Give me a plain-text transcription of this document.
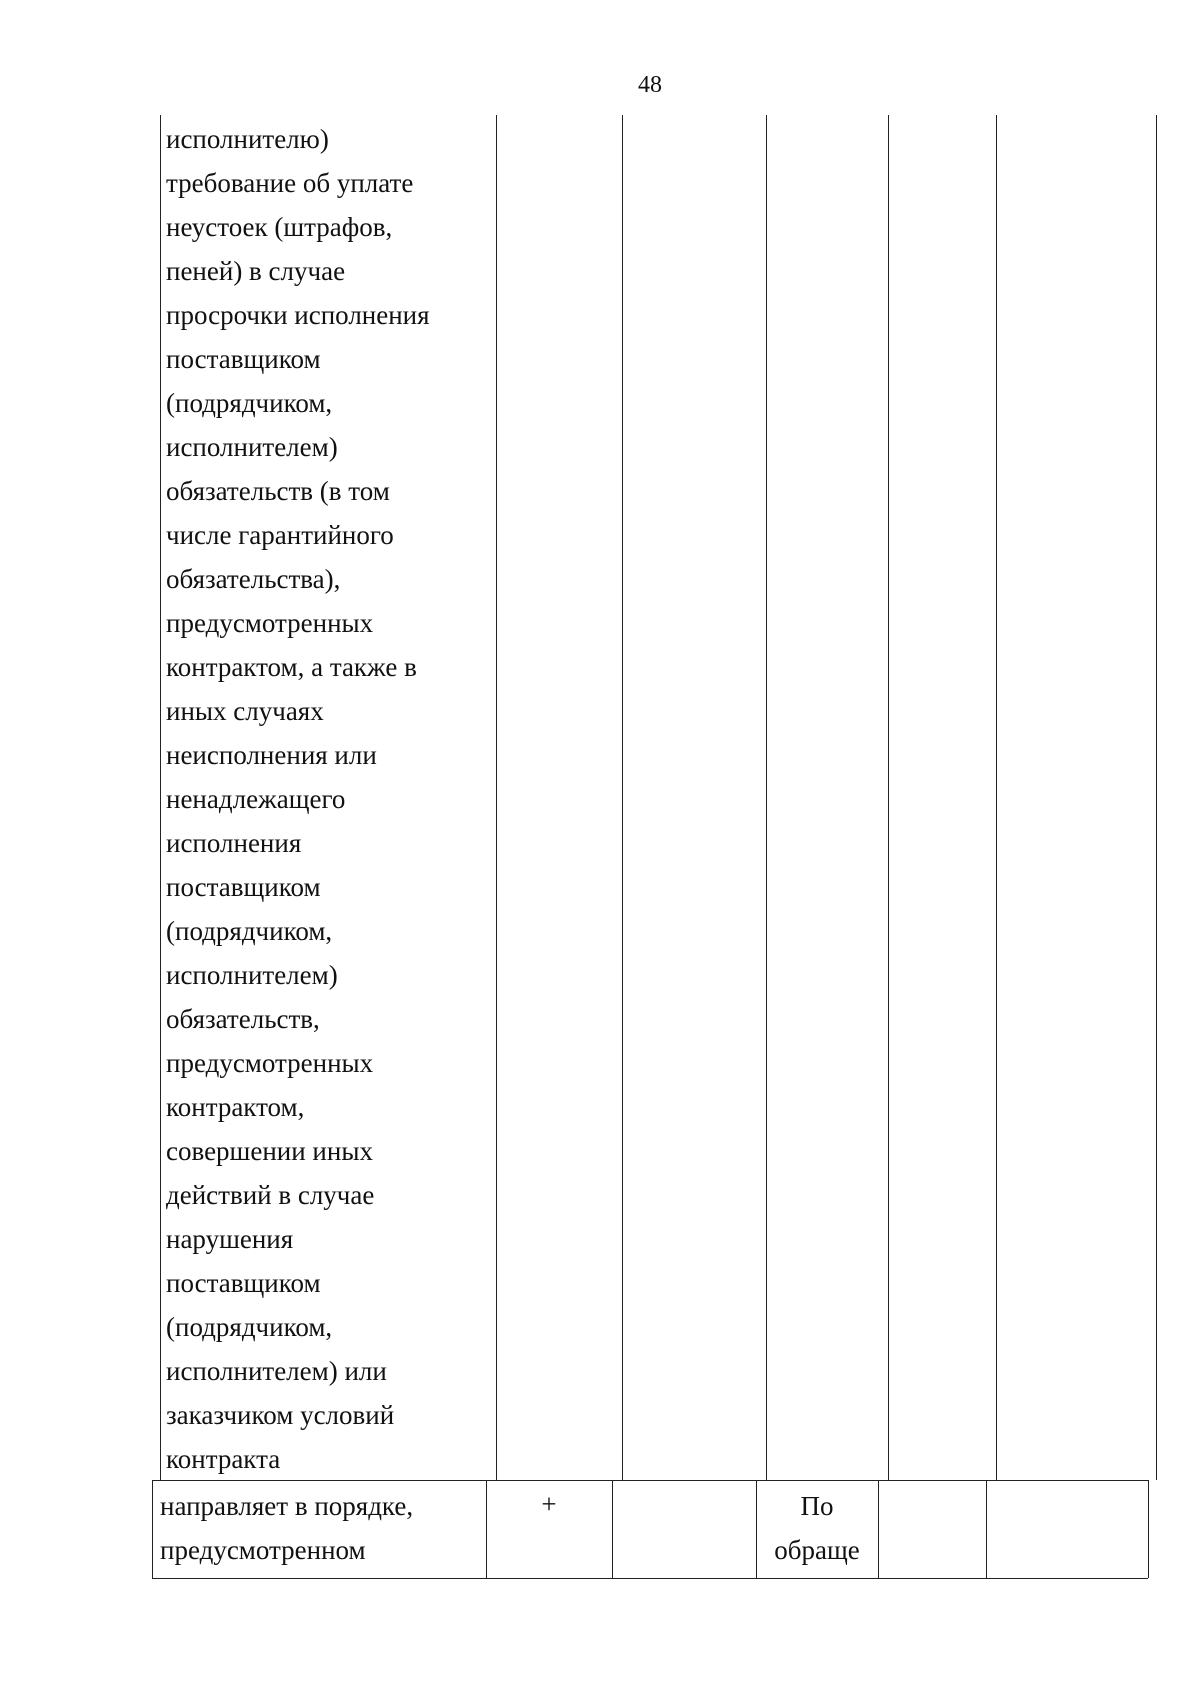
48
исполнителю)
требование об уплате
неустоек (штрафов,
пеней) в случае
просрочки исполнения
поставщиком
(подрядчиком,
исполнителем)
обязательств (в том
числе гарантийного
обязательства),
предусмотренных
контрактом, а также в
иных случаях
неисполнения или
ненадлежащего
исполнения
поставщиком
(подрядчиком,
исполнителем)
обязательств,
предусмотренных
контрактом,
совершении иных
действий в случае
нарушения
поставщиком
(подрядчиком,
исполнителем) или
заказчиком условий
контракта
направляет в порядке,
предусмотренном
+	По
обраще
